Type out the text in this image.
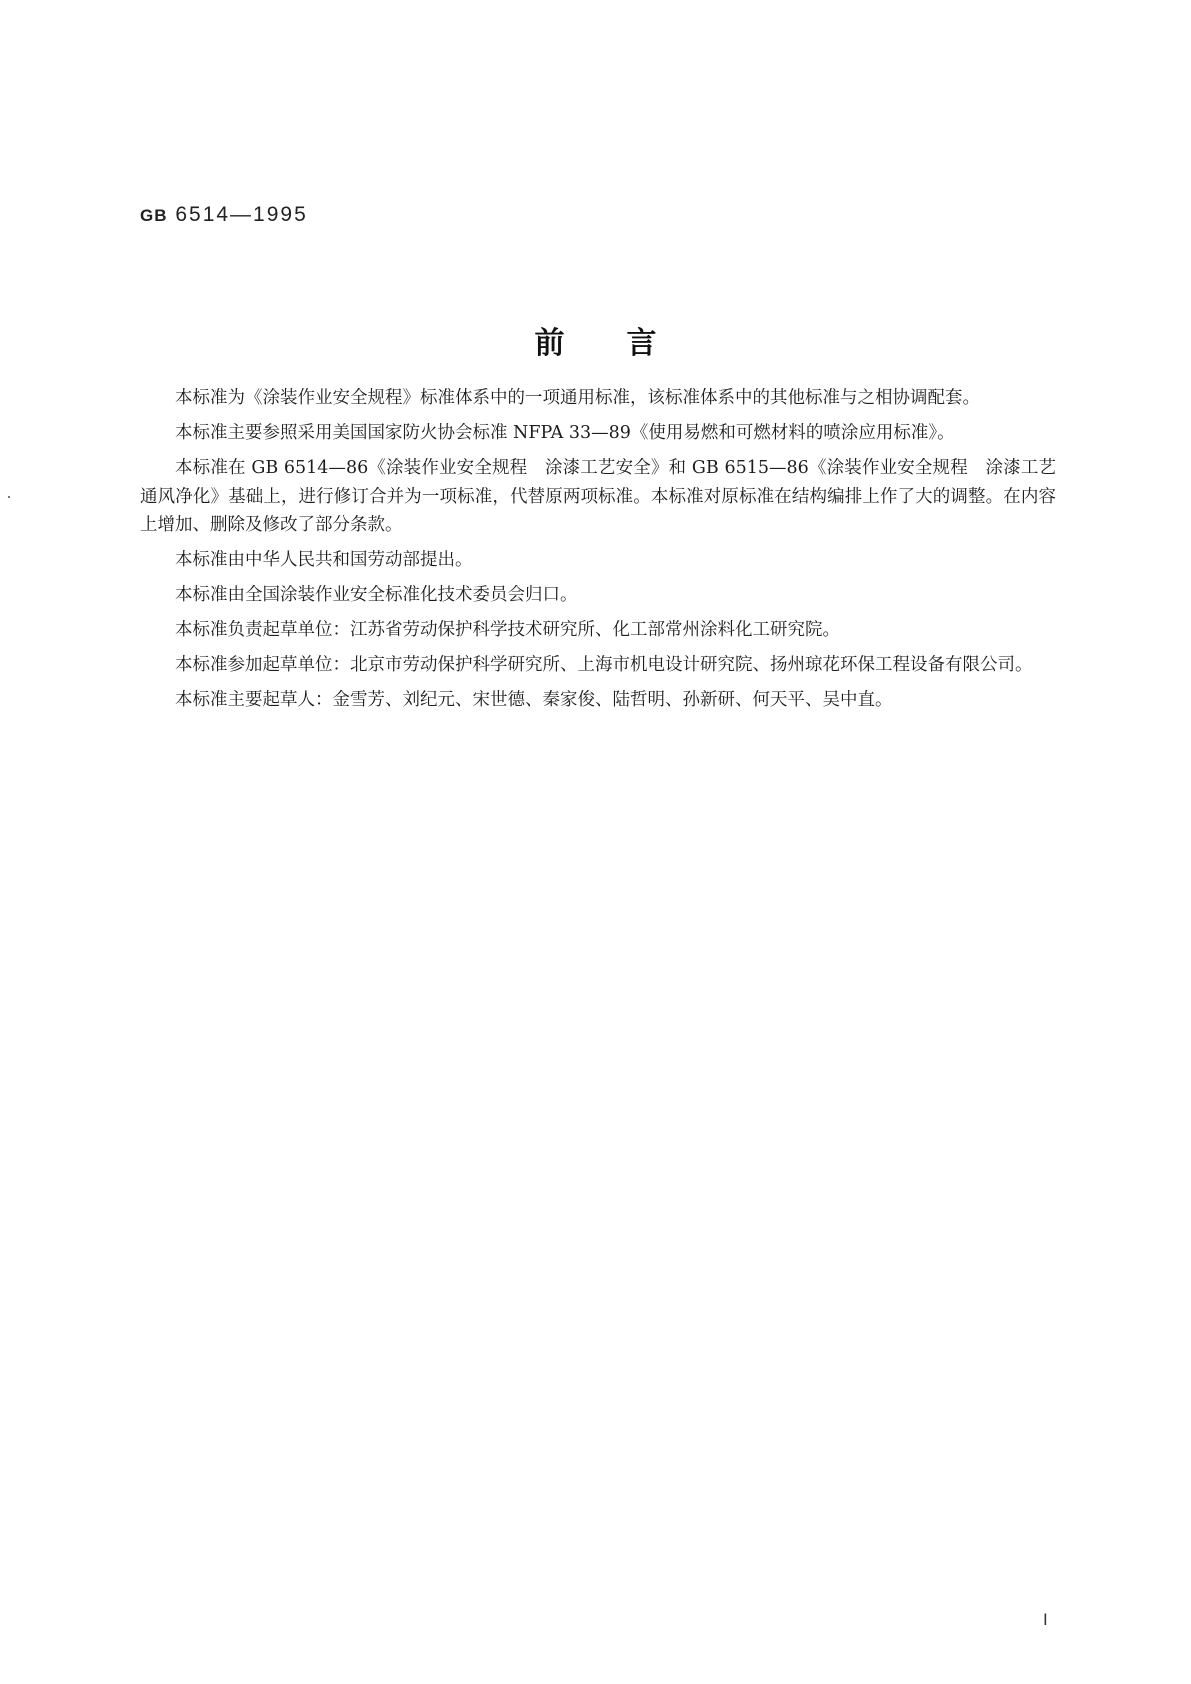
GB 6514—1995
前言

本标准为《涂装作业安全规程》标准体系中的一项通用标准，该标准体系中的其他标准与之相协调配套。

本标准主要参照采用美国国家防火协会标准 NFPA 33—89《使用易燃和可燃材料的喷涂应用标准》。

本标准在 GB 6514—86《涂装作业安全规程　涂漆工艺安全》和 GB 6515—86《涂装作业安全规程　涂漆工艺通风净化》基础上，进行修订合并为一项标准，代替原两项标准。本标准对原标准在结构编排上作了大的调整。在内容上增加、删除及修改了部分条款。

本标准由中华人民共和国劳动部提出。

本标准由全国涂装作业安全标准化技术委员会归口。

本标准负责起草单位：江苏省劳动保护科学技术研究所、化工部常州涂料化工研究院。

本标准参加起草单位：北京市劳动保护科学研究所、上海市机电设计研究院、扬州琼花环保工程设备有限公司。

本标准主要起草人：金雪芳、刘纪元、宋世德、秦家俊、陆哲明、孙新研、何天平、吴中直。

I
